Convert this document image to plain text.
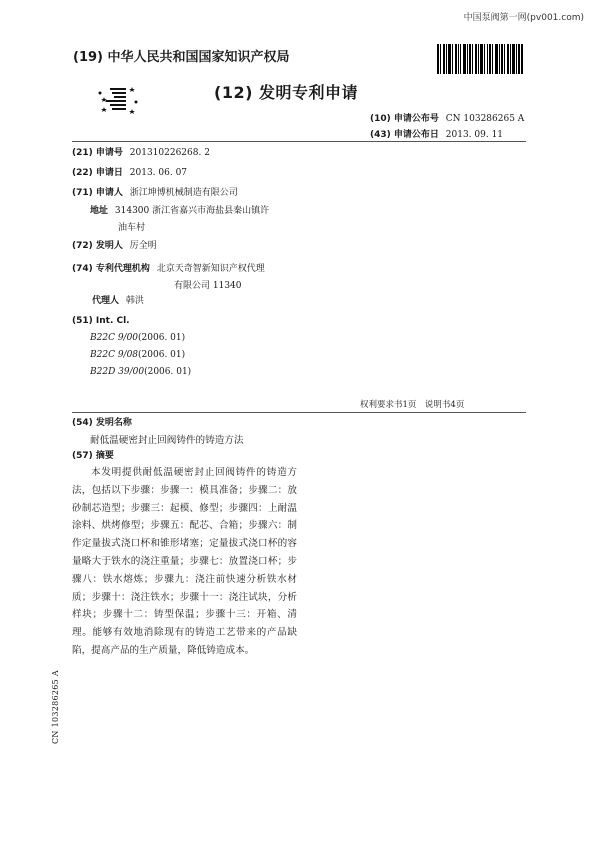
中国泵阀第一网(pv001.com)
(19) 中华人民共和国国家知识产权局
(12) 发明专利申请
(10) 申请公布号 CN 103286265 A
(43) 申请公布日 2013. 09. 11
(21) 申请号 201310226268. 2
(22) 申请日 2013. 06. 07
(71) 申请人 浙江坤博机械制造有限公司
地址 314300 浙江省嘉兴市海盐县秦山镇许
油车村
(72) 发明人 厉全明
(74) 专利代理机构 北京天奇智新知识产权代理
有限公司 11340
代理人 韩洪
(51) Int. Cl.
B22C 9/00(2006. 01)
B22C 9/08(2006. 01)
B22D 39/00(2006. 01)
权利要求书1页　说明书4页
(54) 发明名称
耐低温硬密封止回阀铸件的铸造方法
(57) 摘要
本发明提供耐低温硬密封止回阀铸件的铸造方法，包括以下步骤：步骤一：模具准备；步骤二：放砂制芯造型；步骤三：起模、修型；步骤四：上耐温涂料、烘烤修型；步骤五：配芯、合箱；步骤六：制作定量拔式浇口杯和锥形堵塞；定量拔式浇口杯的容量略大于铁水的浇注重量；步骤七：放置浇口杯；步骤八：铁水熔炼；步骤九：浇注前快速分析铁水材质；步骤十：浇注铁水；步骤十一：浇注试块，分析样块；步骤十二：铸型保温；步骤十三：开箱、清理。能够有效地消除现有的铸造工艺带来的产品缺陷，提高产品的生产质量，降低铸造成本。
CN 103286265 A
